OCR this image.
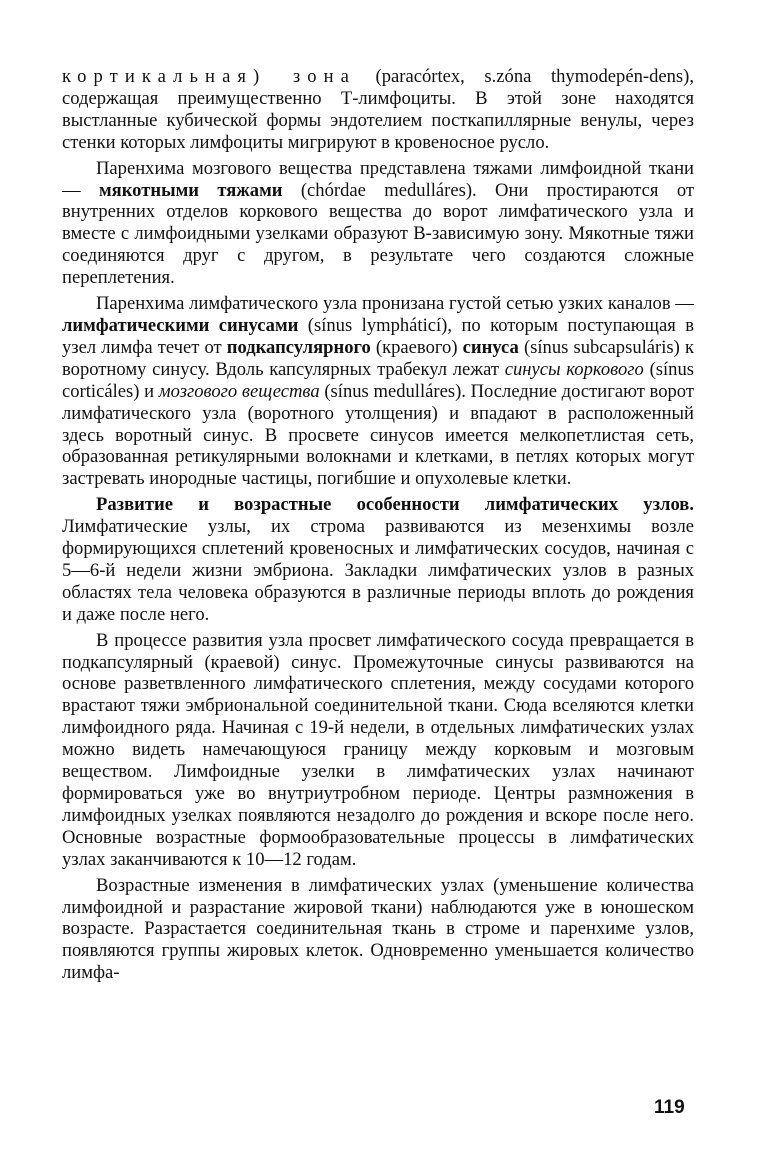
кортикальная) зона (paracórtex, s.zóna thymodepén-dens), содержащая преимущественно Т-лимфоциты. В этой зоне находятся выстланные кубической формы эндотелием посткапиллярные венулы, через стенки которых лимфоциты мигрируют в кровеносное русло.

Паренхима мозгового вещества представлена тяжами лимфоидной ткани — мякотными тяжами (chórdae medulláres). Они простираются от внутренних отделов коркового вещества до ворот лимфатического узла и вместе с лимфоидными узелками образуют В-зависимую зону. Мякотные тяжи соединяются друг с другом, в результате чего создаются сложные переплетения.

Паренхима лимфатического узла пронизана густой сетью узких каналов — лимфатическими синусами (sínus lympháticí), по которым поступающая в узел лимфа течет от подкапсулярного (краевого) синуса (sínus subcapsuláris) к воротному синусу. Вдоль капсулярных трабекул лежат синусы коркового (sínus corticáles) и мозгового вещества (sínus medulláres). Последние достигают ворот лимфатического узла (воротного утолщения) и впадают в расположенный здесь воротный синус. В просвете синусов имеется мелкопетлистая сеть, образованная ретикулярными волокнами и клетками, в петлях которых могут застревать инородные частицы, погибшие и опухолевые клетки.

Развитие и возрастные особенности лимфатических узлов. Лимфатические узлы, их строма развиваются из мезенхимы возле формирующихся сплетений кровеносных и лимфатических сосудов, начиная с 5—6-й недели жизни эмбриона. Закладки лимфатических узлов в разных областях тела человека образуются в различные периоды вплоть до рождения и даже после него.

В процессе развития узла просвет лимфатического сосуда превращается в подкапсулярный (краевой) синус. Промежуточные синусы развиваются на основе разветвленного лимфатического сплетения, между сосудами которого врастают тяжи эмбриональной соединительной ткани. Сюда вселяются клетки лимфоидного ряда. Начиная с 19-й недели, в отдельных лимфатических узлах можно видеть намечающуюся границу между корковым и мозговым веществом. Лимфоидные узелки в лимфатических узлах начинают формироваться уже во внутриутробном периоде. Центры размножения в лимфоидных узелках появляются незадолго до рождения и вскоре после него. Основные возрастные формообразовательные процессы в лимфатических узлах заканчиваются к 10—12 годам.

Возрастные изменения в лимфатических узлах (уменьшение количества лимфоидной и разрастание жировой ткани) наблюдаются уже в юношеском возрасте. Разрастается соединительная ткань в строме и паренхиме узлов, появляются группы жировых клеток. Одновременно уменьшается количество лимфа-

119
